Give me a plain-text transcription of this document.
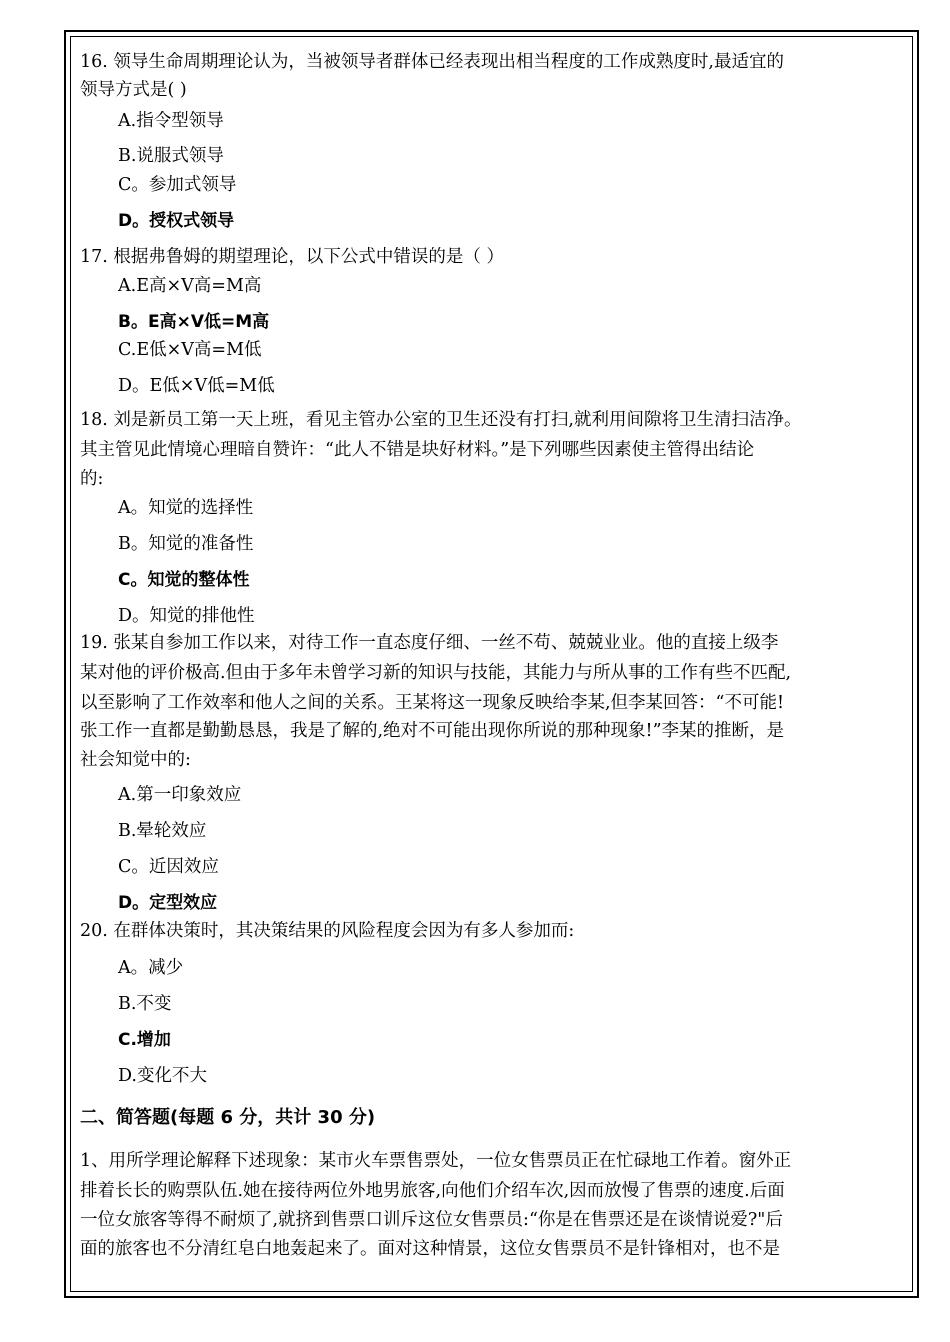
16. 领导生命周期理论认为，当被领导者群体已经表现出相当程度的工作成熟度时,最适宜的
领导方式是( )
A.指令型领导
B.说服式领导
C。参加式领导
D。授权式领导
17. 根据弗鲁姆的期望理论，以下公式中错误的是（ ）
A.E高×V高=M高
B。E高×V低=M高
C.E低×V高=M低
D。E低×V低=M低
18. 刘是新员工第一天上班，看见主管办公室的卫生还没有打扫,就利用间隙将卫生清扫洁净。
其主管见此情境心理暗自赞许：“此人不错是块好材料。”是下列哪些因素使主管得出结论
的:
A。知觉的选择性
B。知觉的准备性
C。知觉的整体性
D。知觉的排他性
19. 张某自参加工作以来，对待工作一直态度仔细、一丝不苟、兢兢业业。他的直接上级李
某对他的评价极高.但由于多年未曾学习新的知识与技能，其能力与所从事的工作有些不匹配,
以至影响了工作效率和他人之间的关系。王某将这一现象反映给李某,但李某回答：“不可能!
张工作一直都是勤勤恳恳，我是了解的,绝对不可能出现你所说的那种现象!”李某的推断，是
社会知觉中的:
A.第一印象效应
B.晕轮效应
C。近因效应
D。定型效应
20. 在群体决策时，其决策结果的风险程度会因为有多人参加而:
A。减少
B.不变
C.增加
D.变化不大
二、简答题(每题 6 分，共计 30 分)
1、用所学理论解释下述现象：某市火车票售票处，一位女售票员正在忙碌地工作着。窗外正
排着长长的购票队伍.她在接待两位外地男旅客,向他们介绍车次,因而放慢了售票的速度.后面
一位女旅客等得不耐烦了,就挤到售票口训斥这位女售票员:“你是在售票还是在谈情说爱?"后
面的旅客也不分清红皂白地轰起来了。面对这种情景，这位女售票员不是针锋相对，也不是
